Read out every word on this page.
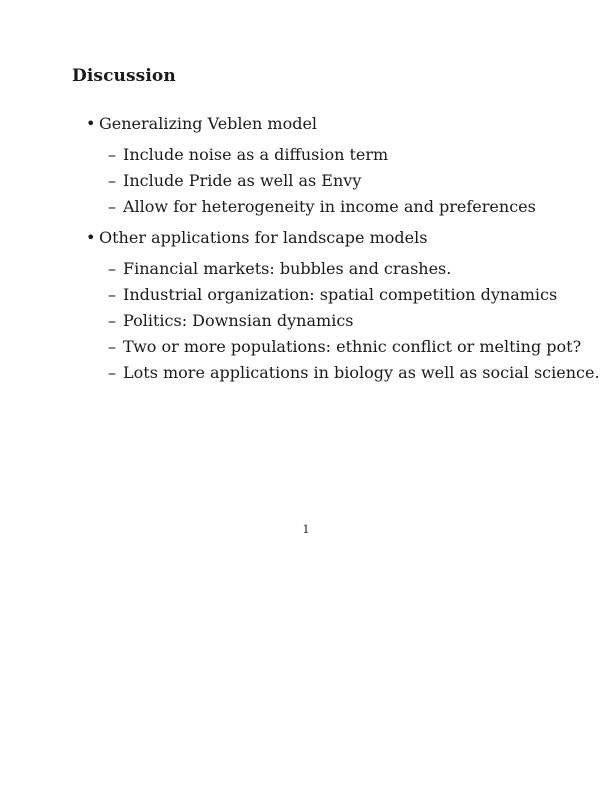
Discussion
• Generalizing Veblen model
– Include noise as a diffusion term
– Include Pride as well as Envy
– Allow for heterogeneity in income and preferences
• Other applications for landscape models
– Financial markets: bubbles and crashes.
– Industrial organization: spatial competition dynamics
– Politics: Downsian dynamics
– Two or more populations: ethnic conflict or melting pot?
– Lots more applications in biology as well as social science.
1
